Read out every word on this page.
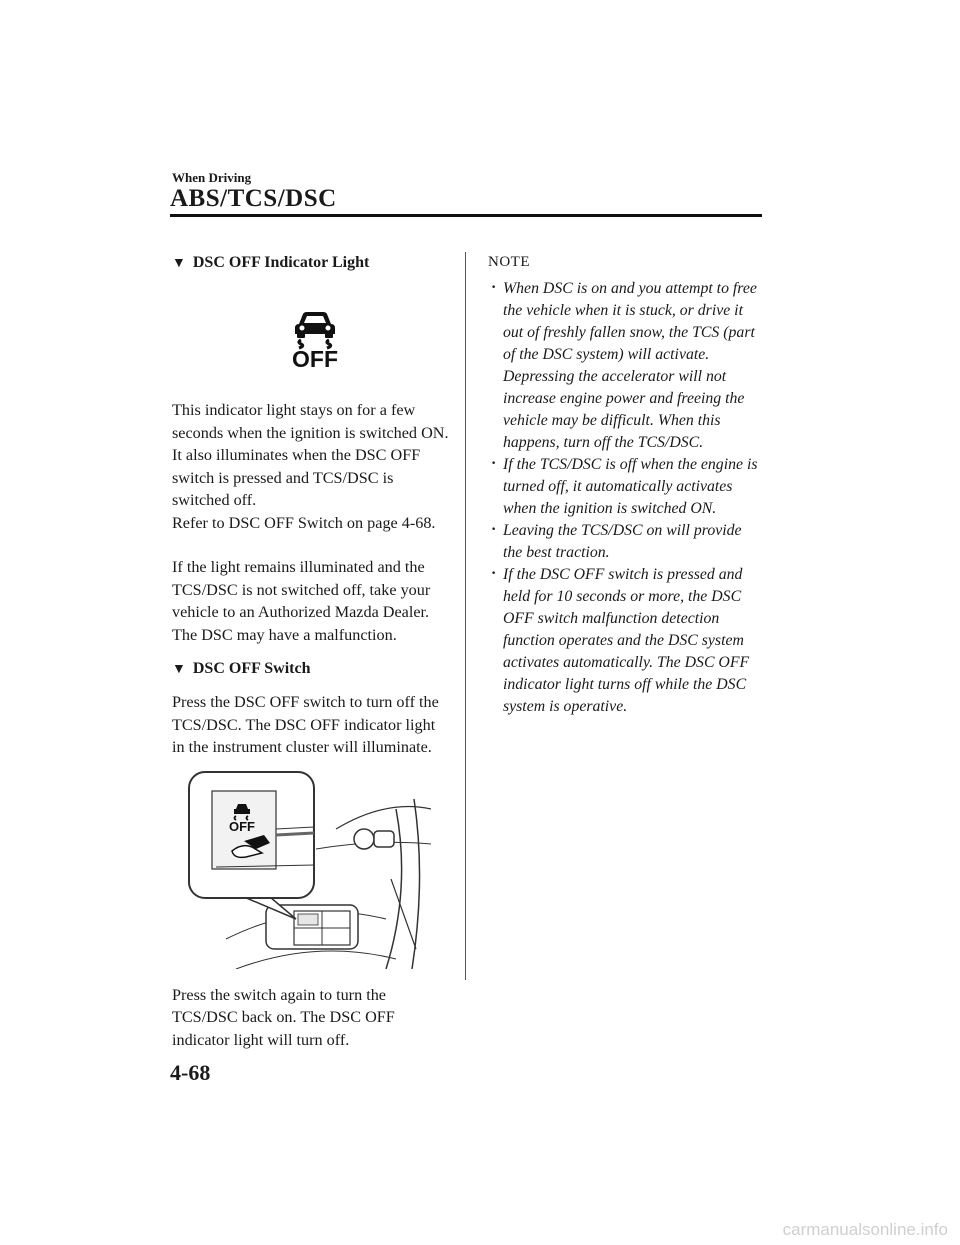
When Driving
ABS/TCS/DSC
▼ DSC OFF Indicator Light
OFF

This indicator light stays on for a few
seconds when the ignition is switched ON.
It also illuminates when the DSC OFF
switch is pressed and TCS/DSC is
switched off.
Refer to DSC OFF Switch on page 4-68.

If the light remains illuminated and the
TCS/DSC is not switched off, take your
vehicle to an Authorized Mazda Dealer.
The DSC may have a malfunction.

▼ DSC OFF Switch

Press the DSC OFF switch to turn off the
TCS/DSC. The DSC OFF indicator light
in the instrument cluster will illuminate.

OFF

Press the switch again to turn the
TCS/DSC back on. The DSC OFF
indicator light will turn off.

NOTE
· When DSC is on and you attempt to free
the vehicle when it is stuck, or drive it
out of freshly fallen snow, the TCS (part
of the DSC system) will activate.
Depressing the accelerator will not
increase engine power and freeing the
vehicle may be difficult. When this
happens, turn off the TCS/DSC.
· If the TCS/DSC is off when the engine is
turned off, it automatically activates
when the ignition is switched ON.
· Leaving the TCS/DSC on will provide
the best traction.
· If the DSC OFF switch is pressed and
held for 10 seconds or more, the DSC
OFF switch malfunction detection
function operates and the DSC system
activates automatically. The DSC OFF
indicator light turns off while the DSC
system is operative.
4-68
carmanualsonline.info
